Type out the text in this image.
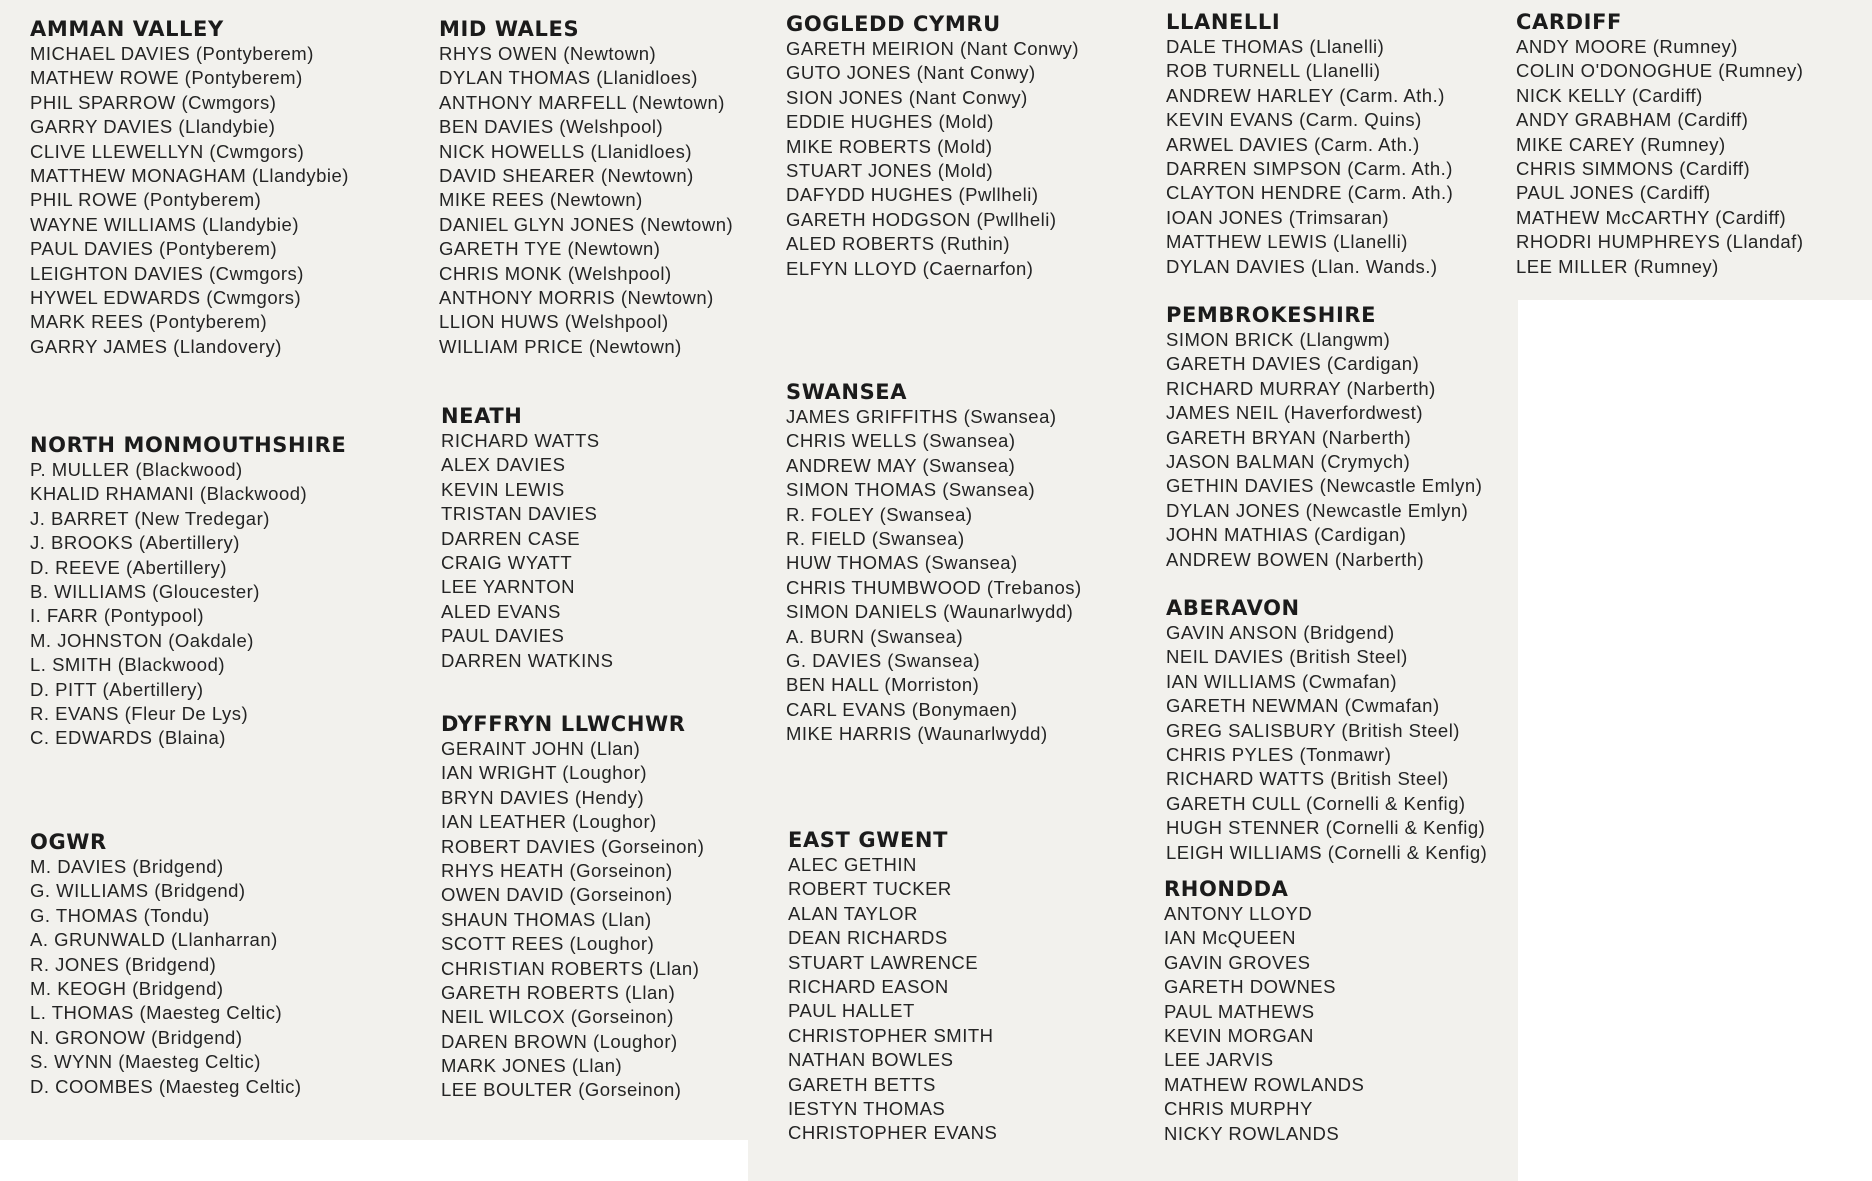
AMMAN VALLEY
MICHAEL DAVIES (Pontyberem)
MATHEW ROWE (Pontyberem)
PHIL SPARROW (Cwmgors)
GARRY DAVIES (Llandybie)
CLIVE LLEWELLYN (Cwmgors)
MATTHEW MONAGHAM (Llandybie)
PHIL ROWE (Pontyberem)
WAYNE WILLIAMS (Llandybie)
PAUL DAVIES (Pontyberem)
LEIGHTON DAVIES (Cwmgors)
HYWEL EDWARDS (Cwmgors)
MARK REES (Pontyberem)
GARRY JAMES (Llandovery)
NORTH MONMOUTHSHIRE
P. MULLER (Blackwood)
KHALID RHAMANI (Blackwood)
J. BARRET (New Tredegar)
J. BROOKS (Abertillery)
D. REEVE (Abertillery)
B. WILLIAMS (Gloucester)
I. FARR (Pontypool)
M. JOHNSTON (Oakdale)
L. SMITH (Blackwood)
D. PITT (Abertillery)
R. EVANS (Fleur De Lys)
C. EDWARDS (Blaina)
OGWR
M. DAVIES (Bridgend)
G. WILLIAMS (Bridgend)
G. THOMAS (Tondu)
A. GRUNWALD (Llanharran)
R. JONES (Bridgend)
M. KEOGH (Bridgend)
L. THOMAS (Maesteg Celtic)
N. GRONOW (Bridgend)
S. WYNN (Maesteg Celtic)
D. COOMBES (Maesteg Celtic)
MID WALES
RHYS OWEN (Newtown)
DYLAN THOMAS (Llanidloes)
ANTHONY MARFELL (Newtown)
BEN DAVIES (Welshpool)
NICK HOWELLS (Llanidloes)
DAVID SHEARER (Newtown)
MIKE REES (Newtown)
DANIEL GLYN JONES (Newtown)
GARETH TYE (Newtown)
CHRIS MONK (Welshpool)
ANTHONY MORRIS (Newtown)
LLION HUWS (Welshpool)
WILLIAM PRICE (Newtown)
NEATH
RICHARD WATTS
ALEX DAVIES
KEVIN LEWIS
TRISTAN DAVIES
DARREN CASE
CRAIG WYATT
LEE YARNTON
ALED EVANS
PAUL DAVIES
DARREN WATKINS
DYFFRYN LLWCHWR
GERAINT JOHN (Llan)
IAN WRIGHT (Loughor)
BRYN DAVIES (Hendy)
IAN LEATHER (Loughor)
ROBERT DAVIES (Gorseinon)
RHYS HEATH (Gorseinon)
OWEN DAVID (Gorseinon)
SHAUN THOMAS (Llan)
SCOTT REES (Loughor)
CHRISTIAN ROBERTS (Llan)
GARETH ROBERTS (Llan)
NEIL WILCOX (Gorseinon)
DAREN BROWN (Loughor)
MARK JONES (Llan)
LEE BOULTER (Gorseinon)
GOGLEDD CYMRU
GARETH MEIRION (Nant Conwy)
GUTO JONES (Nant Conwy)
SION JONES (Nant Conwy)
EDDIE HUGHES (Mold)
MIKE ROBERTS (Mold)
STUART JONES (Mold)
DAFYDD HUGHES (Pwllheli)
GARETH HODGSON (Pwllheli)
ALED ROBERTS (Ruthin)
ELFYN LLOYD (Caernarfon)
SWANSEA
JAMES GRIFFITHS (Swansea)
CHRIS WELLS (Swansea)
ANDREW MAY (Swansea)
SIMON THOMAS (Swansea)
R. FOLEY (Swansea)
R. FIELD (Swansea)
HUW THOMAS (Swansea)
CHRIS THUMBWOOD (Trebanos)
SIMON DANIELS (Waunarlwydd)
A. BURN (Swansea)
G. DAVIES (Swansea)
BEN HALL (Morriston)
CARL EVANS (Bonymaen)
MIKE HARRIS (Waunarlwydd)
EAST GWENT
ALEC GETHIN
ROBERT TUCKER
ALAN TAYLOR
DEAN RICHARDS
STUART LAWRENCE
RICHARD EASON
PAUL HALLET
CHRISTOPHER SMITH
NATHAN BOWLES
GARETH BETTS
IESTYN THOMAS
CHRISTOPHER EVANS
LLANELLI
DALE THOMAS (Llanelli)
ROB TURNELL (Llanelli)
ANDREW HARLEY (Carm. Ath.)
KEVIN EVANS (Carm. Quins)
ARWEL DAVIES (Carm. Ath.)
DARREN SIMPSON (Carm. Ath.)
CLAYTON HENDRE (Carm. Ath.)
IOAN JONES (Trimsaran)
MATTHEW LEWIS (Llanelli)
DYLAN DAVIES (Llan. Wands.)
PEMBROKESHIRE
SIMON BRICK (Llangwm)
GARETH DAVIES (Cardigan)
RICHARD MURRAY (Narberth)
JAMES NEIL (Haverfordwest)
GARETH BRYAN (Narberth)
JASON BALMAN (Crymych)
GETHIN DAVIES (Newcastle Emlyn)
DYLAN JONES (Newcastle Emlyn)
JOHN MATHIAS (Cardigan)
ANDREW BOWEN (Narberth)
ABERAVON
GAVIN ANSON (Bridgend)
NEIL DAVIES (British Steel)
IAN WILLIAMS (Cwmafan)
GARETH NEWMAN (Cwmafan)
GREG SALISBURY (British Steel)
CHRIS PYLES (Tonmawr)
RICHARD WATTS (British Steel)
GARETH CULL (Cornelli & Kenfig)
HUGH STENNER (Cornelli & Kenfig)
LEIGH WILLIAMS (Cornelli & Kenfig)
RHONDDA
ANTONY LLOYD
IAN McQUEEN
GAVIN GROVES
GARETH DOWNES
PAUL MATHEWS
KEVIN MORGAN
LEE JARVIS
MATHEW ROWLANDS
CHRIS MURPHY
NICKY ROWLANDS
CARDIFF
ANDY MOORE (Rumney)
COLIN O'DONOGHUE (Rumney)
NICK KELLY (Cardiff)
ANDY GRABHAM (Cardiff)
MIKE CAREY (Rumney)
CHRIS SIMMONS (Cardiff)
PAUL JONES (Cardiff)
MATHEW McCARTHY (Cardiff)
RHODRI HUMPHREYS (Llandaf)
LEE MILLER (Rumney)
